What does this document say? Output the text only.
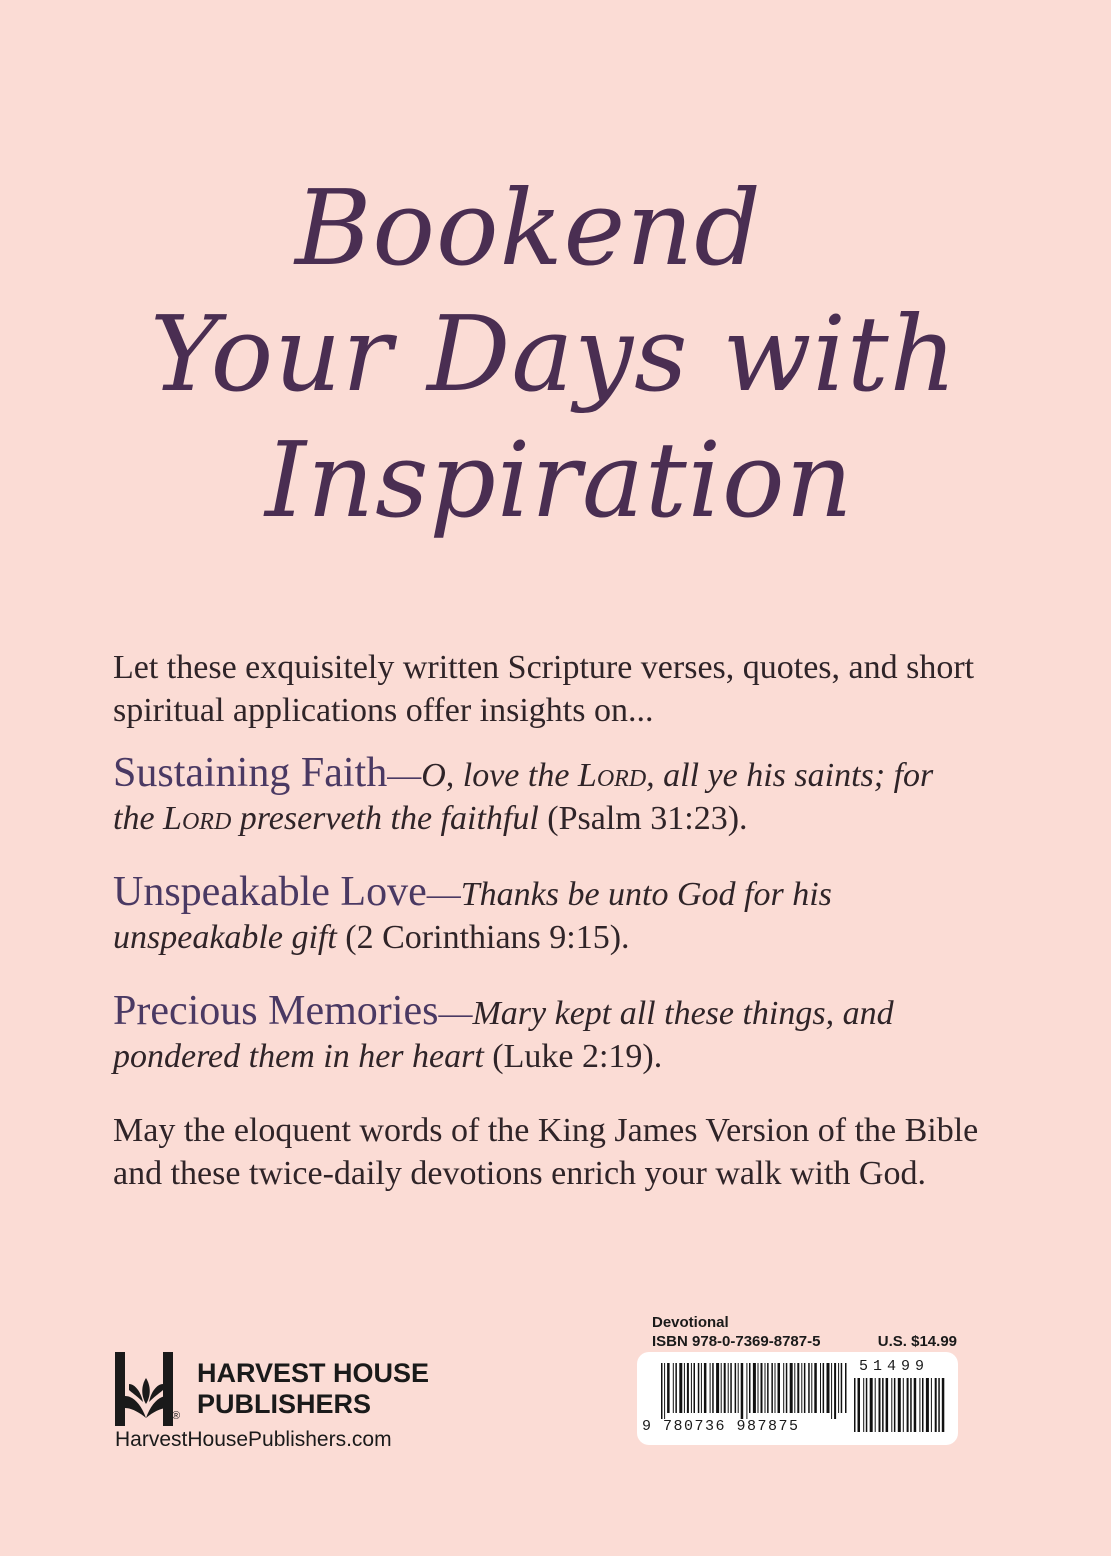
Bookend
Your Days with
Inspiration

Let these exquisitely written Scripture verses, quotes, and short spiritual applications offer insights on...

Sustaining Faith—O, love the Lord, all ye his saints; for the Lord preserveth the faithful (Psalm 31:23).

Unspeakable Love—Thanks be unto God for his unspeakable gift (2 Corinthians 9:15).

Precious Memories—Mary kept all these things, and pondered them in her heart (Luke 2:19).

May the eloquent words of the King James Version of the Bible and these twice-daily devotions enrich your walk with God.

®
HARVEST HOUSE
PUBLISHERS
HarvestHousePublishers.com
Devotional
ISBN 978-0-7369-8787-5	U.S. $14.99
9 780736 987875
51499
